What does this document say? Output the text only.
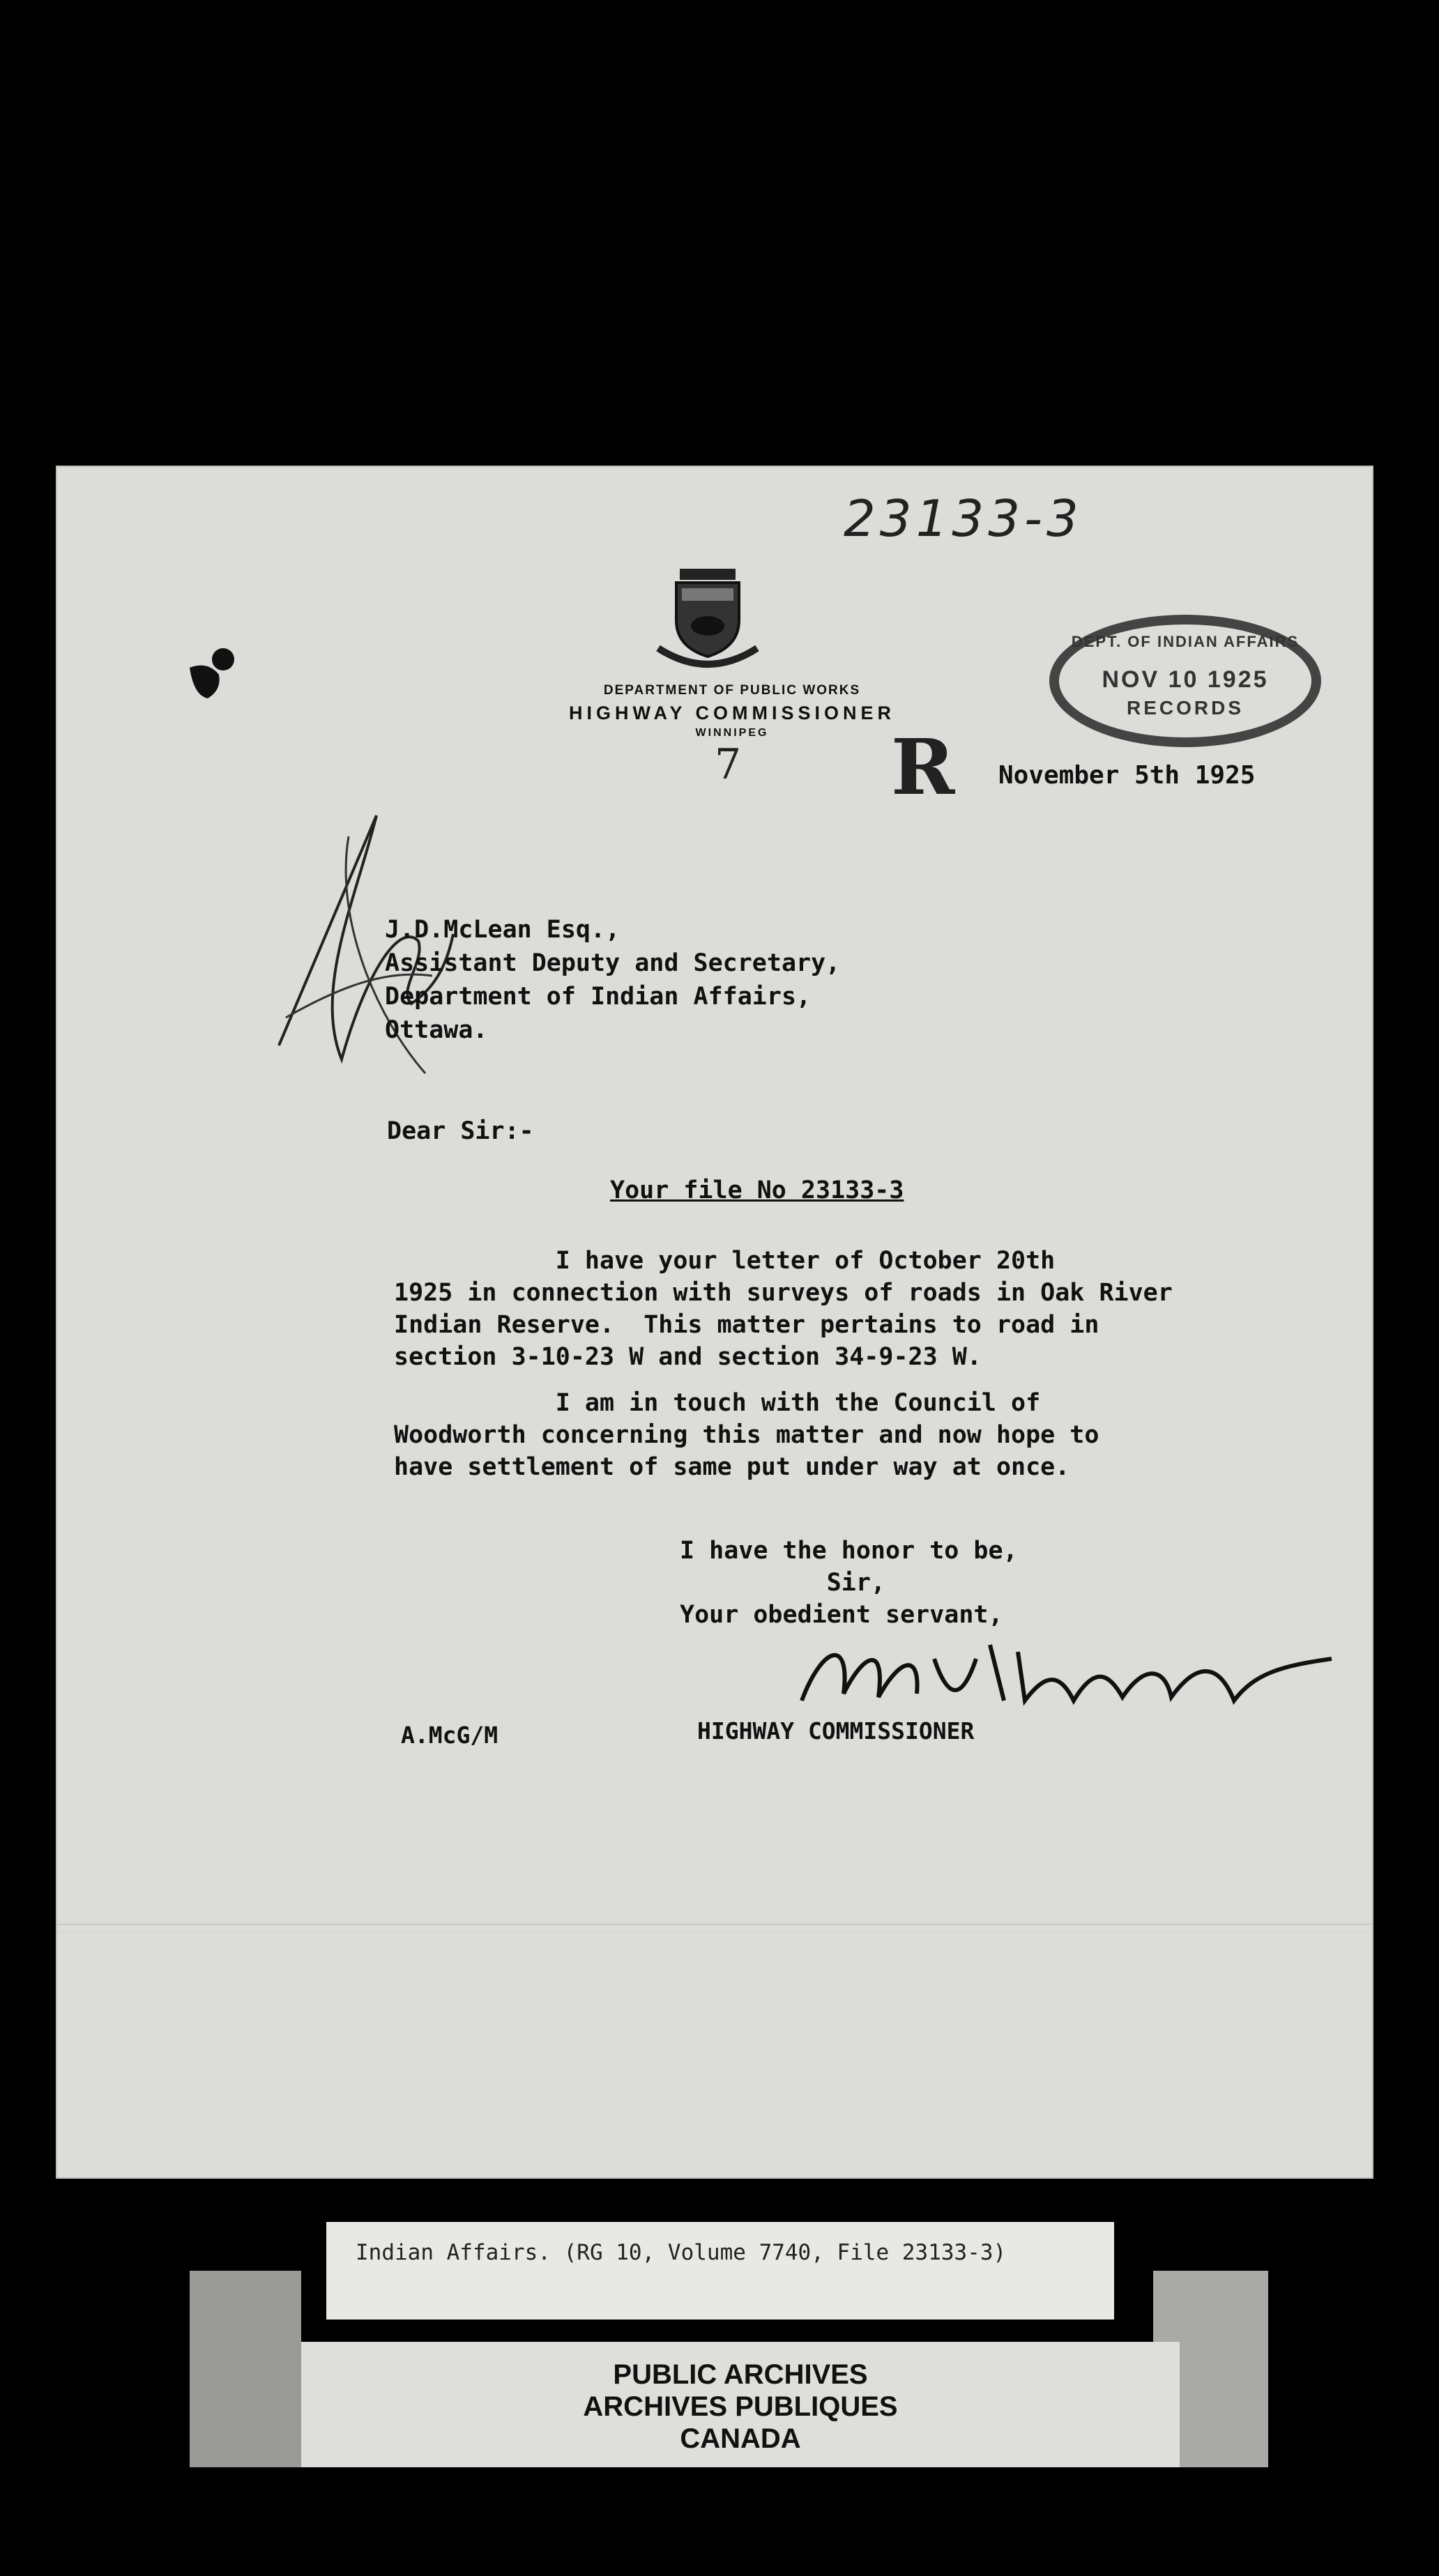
23133-3
DEPARTMENT OF PUBLIC WORKS
HIGHWAY COMMISSIONER
WINNIPEG
7
DEPT. OF INDIAN AFFAIRS
NOV 10 1925
RECORDS
R November 5th 1925
J.D.McLean Esq.,
Assistant Deputy and Secretary,
Department of Indian Affairs,
Ottawa.
Dear Sir:-
Your file No 23133-3
I have your letter of October 20th
1925 in connection with surveys of roads in Oak River
Indian Reserve.  This matter pertains to road in
section 3-10-23 W and section 34-9-23 W.
I am in touch with the Council of
Woodworth concerning this matter and now hope to
have settlement of same put under way at once.
I have the honor to be,
Sir,
Your obedient servant,
A.McG/M	HIGHWAY COMMISSIONER
Indian Affairs. (RG 10, Volume 7740, File 23133-3)
PUBLIC ARCHIVES
ARCHIVES PUBLIQUES
CANADA
